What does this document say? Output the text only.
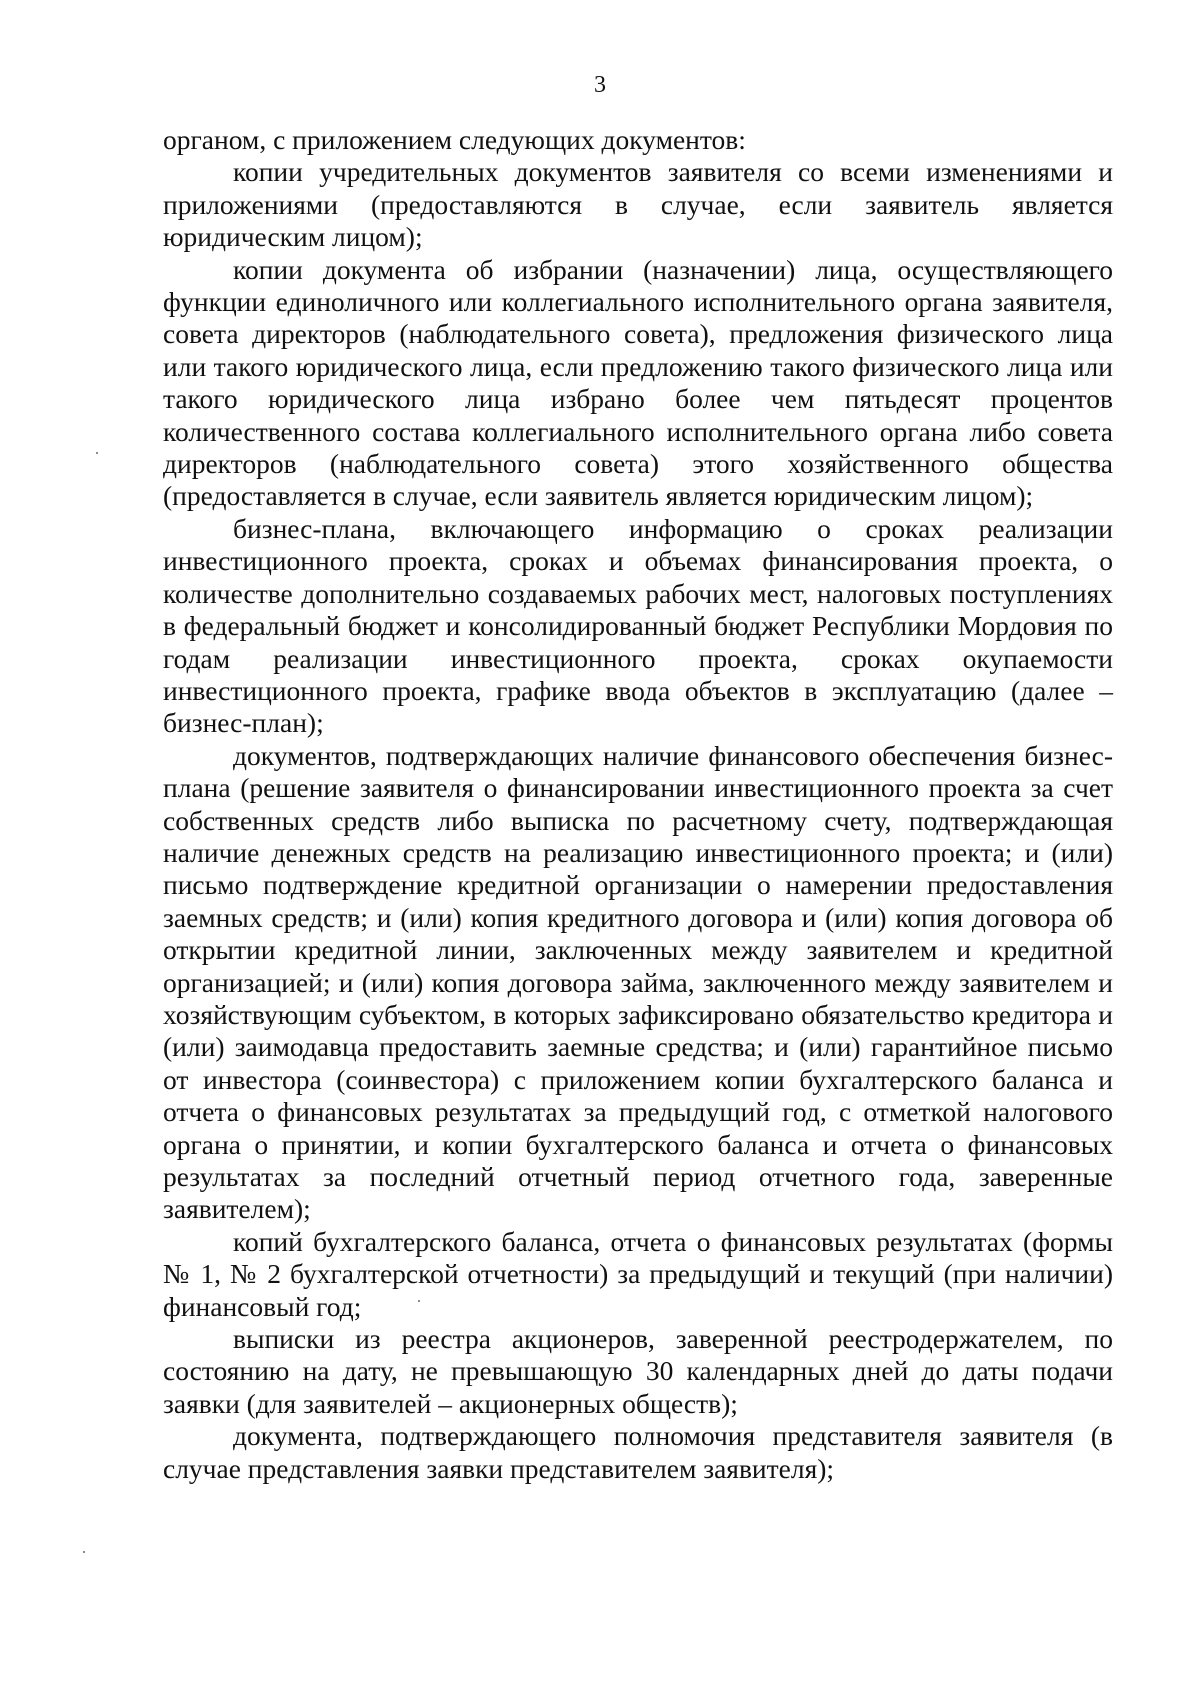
3

органом, с приложением следующих документов:

копии учредительных документов заявителя со всеми изменениями и приложениями (предоставляются в случае, если заявитель является юридическим лицом);

копии документа об избрании (назначении) лица, осуществляющего функции единоличного или коллегиального исполнительного органа заявителя, совета директоров (наблюдательного совета), предложения физического лица или такого юридического лица, если предложению такого физического лица или такого юридического лица избрано более чем пятьдесят процентов количественного состава коллегиального исполнительного органа либо совета директоров (наблюдательного совета) этого хозяйственного общества (предоставляется в случае, если заявитель является юридическим лицом);

бизнес-плана, включающего информацию о сроках реализации инвестиционного проекта, сроках и объемах финансирования проекта, о количестве дополнительно создаваемых рабочих мест, налоговых поступлениях в федеральный бюджет и консолидированный бюджет Республики Мордовия по годам реализации инвестиционного проекта, сроках окупаемости инвестиционного проекта, графике ввода объектов в эксплуатацию (далее – бизнес-план);

документов, подтверждающих наличие финансового обеспечения бизнес-плана (решение заявителя о финансировании инвестиционного проекта за счет собственных средств либо выписка по расчетному счету, подтверждающая наличие денежных средств на реализацию инвестиционного проекта; и (или) письмо подтверждение кредитной организации о намерении предоставления заемных средств; и (или) копия кредитного договора и (или) копия договора об открытии кредитной линии, заключенных между заявителем и кредитной организацией; и (или) копия договора займа, заключенного между заявителем и хозяйствующим субъектом, в которых зафиксировано обязательство кредитора и (или) заимодавца предоставить заемные средства; и (или) гарантийное письмо от инвестора (соинвестора) с приложением копии бухгалтерского баланса и отчета о финансовых результатах за предыдущий год, с отметкой налогового органа о принятии, и копии бухгалтерского баланса и отчета о финансовых результатах за последний отчетный период отчетного года, заверенные заявителем);

копий бухгалтерского баланса, отчета о финансовых результатах (формы № 1, № 2 бухгалтерской отчетности) за предыдущий и текущий (при наличии) финансовый год;

выписки из реестра акционеров, заверенной реестродержателем, по состоянию на дату, не превышающую 30 календарных дней до даты подачи заявки (для заявителей – акционерных обществ);

документа, подтверждающего полномочия представителя заявителя (в случае представления заявки представителем заявителя);
